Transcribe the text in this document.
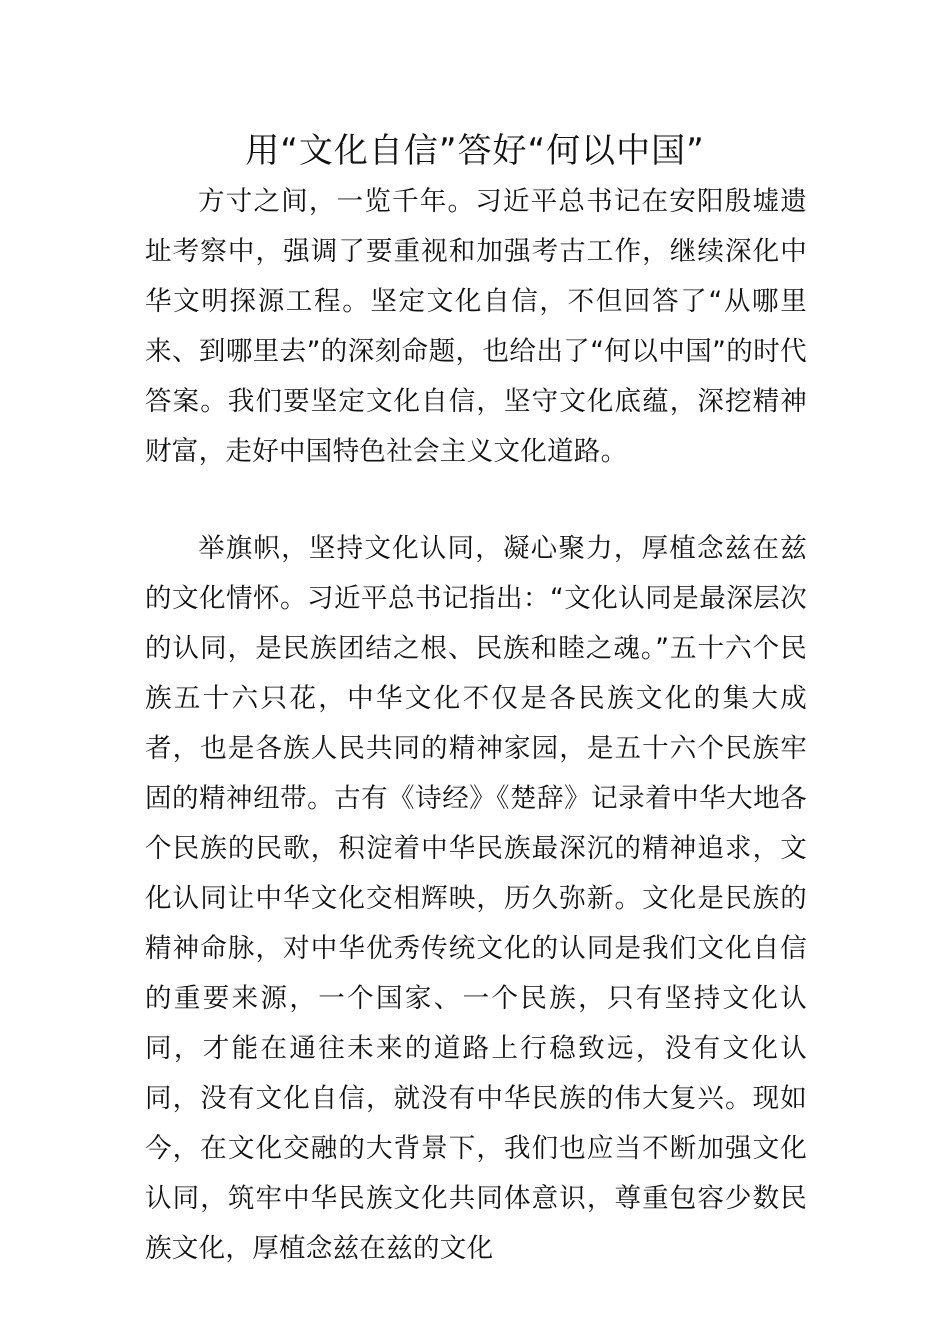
用“文化自信”答好“何以中国”

方寸之间，一览千年。习近平总书记在安阳殷墟遗址考察中，强调了要重视和加强考古工作，继续深化中华文明探源工程。坚定文化自信，不但回答了“从哪里来、到哪里去”的深刻命题，也给出了“何以中国”的时代答案。我们要坚定文化自信，坚守文化底蕴，深挖精神财富，走好中国特色社会主义文化道路。

举旗帜，坚持文化认同，凝心聚力，厚植念兹在兹的文化情怀。习近平总书记指出：“文化认同是最深层次的认同，是民族团结之根、民族和睦之魂。”五十六个民族五十六只花，中华文化不仅是各民族文化的集大成者，也是各族人民共同的精神家园，是五十六个民族牢固的精神纽带。古有《诗经》《楚辞》记录着中华大地各个民族的民歌，积淀着中华民族最深沉的精神追求，文化认同让中华文化交相辉映，历久弥新。文化是民族的精神命脉，对中华优秀传统文化的认同是我们文化自信的重要来源，一个国家、一个民族，只有坚持文化认同，才能在通往未来的道路上行稳致远，没有文化认同，没有文化自信，就没有中华民族的伟大复兴。现如今，在文化交融的大背景下，我们也应当不断加强文化认同，筑牢中华民族文化共同体意识，尊重包容少数民族文化，厚植念兹在兹的文化
